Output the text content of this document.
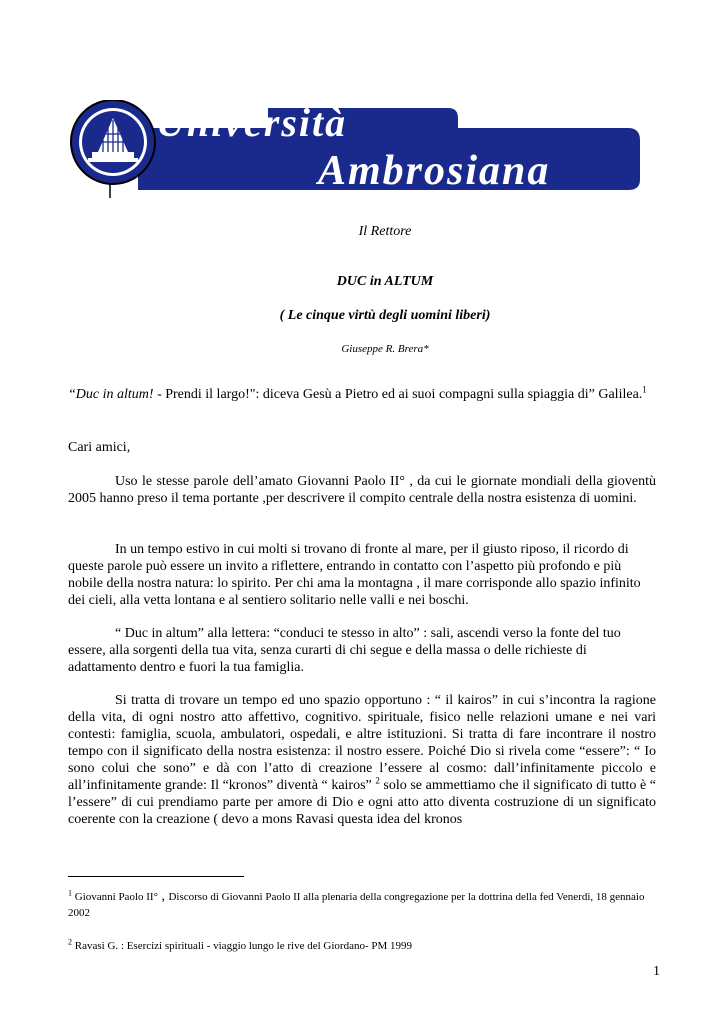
Università
Ambrosiana
Il Rettore
DUC in ALTUM
( Le cinque virtù degli uomini liberi)
Giuseppe R. Brera*
“Duc in altum! - Prendi il largo!": diceva Gesù a Pietro ed ai suoi compagni sulla spiaggia di” Galilea.$^1$
Cari amici,
Uso le stesse parole dell’amato Giovanni Paolo II° , da cui le giornate mondiali della gioventù 2005 hanno preso il tema portante ,per descrivere il compito centrale della nostra esistenza di uomini.
In un tempo estivo in cui molti si trovano di fronte al mare, per il giusto riposo, il ricordo di queste parole può essere un invito a riflettere, entrando in contatto con l’aspetto più profondo e più nobile della nostra natura: lo spirito. Per chi ama la montagna , il mare corrisponde allo spazio infinito dei cieli, alla vetta lontana e al sentiero solitario nelle valli e nei boschi.
“ Duc in altum” alla lettera: “conduci te stesso in alto” : sali, ascendi verso la fonte del tuo essere, alla sorgenti della tua vita, senza curarti di chi segue e della massa o delle richieste di adattamento dentro e fuori la tua famiglia.
Si tratta di trovare un tempo ed uno spazio opportuno : “ il kairos” in cui s’incontra la ragione della vita, di ogni nostro atto affettivo, cognitivo. spirituale, fisico nelle relazioni umane e nei vari contesti: famiglia, scuola, ambulatori, ospedali, e altre istituzioni. Si tratta di fare incontrare il nostro tempo con il significato della nostra esistenza: il nostro essere. Poiché Dio si rivela come “essere”: “ Io sono colui che sono” e dà con l’atto di creazione l’essere al cosmo: dall’infinitamente piccolo e all’infinitamente grande: Il “kronos” diventà “ kairos” $^2$ solo se ammettiamo che il significato di tutto è “ l’essere” di cui prendiamo parte per amore di Dio e ogni atto atto diventa costruzione di un significato coerente con la creazione ( devo a mons Ravasi questa idea del kronos
$^1$ Giovanni Paolo II° , Discorso di Giovanni Paolo II alla plenaria della congregazione per la dottrina della fed Venerdì, 18 gennaio 2002
$^2$ Ravasi G. : Esercizi spirituali - viaggio lungo le rive del Giordano- PM 1999
1
